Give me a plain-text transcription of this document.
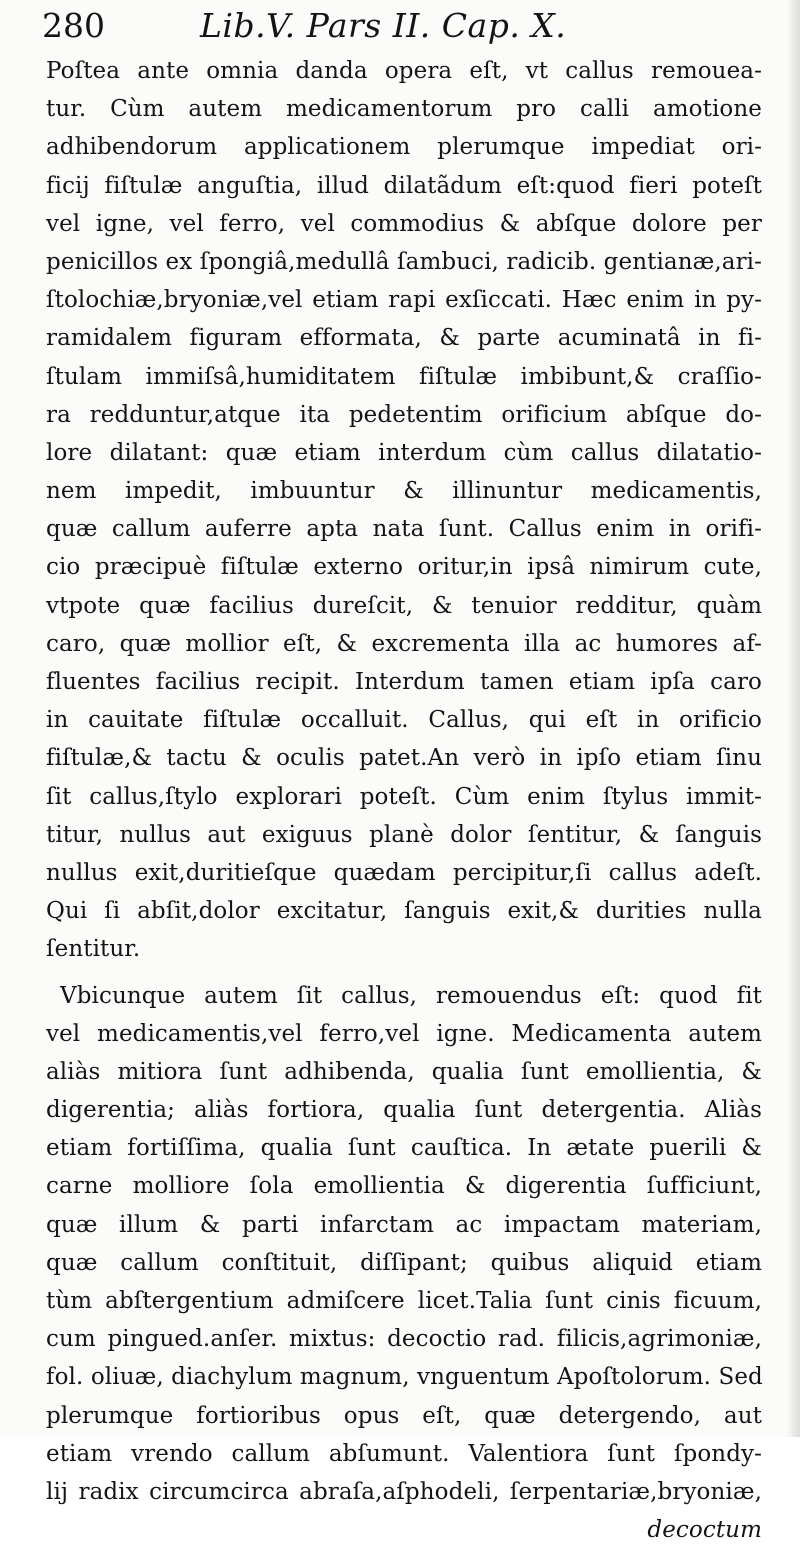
280	Lib.V. Pars II. Cap. X.
Poſtea ante omnia danda opera eſt, vt callus remouea-
tur. Cùm autem medicamentorum pro calli amotione
adhibendorum applicationem plerumque impediat ori-
ficij fiſtulæ anguſtia, illud dilatãdum eſt:quod fieri poteſt
vel igne, vel ferro, vel commodius & abſque dolore per
penicillos ex ſpongiâ,medullâ ſambuci, radicib. gentianæ,ari-
ſtolochiæ,bryoniæ,vel etiam rapi exſiccati. Hæc enim in py-
ramidalem figuram efformata, & parte acuminatâ in fi-
ſtulam immiſsâ,humiditatem fiſtulæ imbibunt,& craſſio-
ra redduntur,atque ita pedetentim orificium abſque do-
lore dilatant: quæ etiam interdum cùm callus dilatatio-
nem impedit, imbuuntur & illinuntur medicamentis,
quæ callum auferre apta nata ſunt. Callus enim in orifi-
cio præcipuè fiſtulæ externo oritur,in ipsâ nimirum cute,
vtpote quæ facilius dureſcit, & tenuior redditur, quàm
caro, quæ mollior eſt, & excrementa illa ac humores af-
fluentes facilius recipit. Interdum tamen etiam ipſa caro
in cauitate fiſtulæ occalluit. Callus, qui eſt in orificio
fiſtulæ,& tactu & oculis patet.An verò in ipſo etiam ſinu
ſit callus,ſtylo explorari poteſt. Cùm enim ſtylus immit-
titur, nullus aut exiguus planè dolor ſentitur, & ſanguis
nullus exit,duritieſque quædam percipitur,ſi callus adeſt.
Qui ſi abſit,dolor excitatur, ſanguis exit,& durities nulla
ſentitur.
Vbicunque autem ſit callus, remouendus eſt: quod fit
vel medicamentis,vel ferro,vel igne. Medicamenta autem
aliàs mitiora ſunt adhibenda, qualia ſunt emollientia, &
digerentia; aliàs fortiora, qualia ſunt detergentia. Aliàs
etiam fortiſſima, qualia ſunt cauſtica. In ætate puerili &
carne molliore ſola emollientia & digerentia ſufficiunt,
quæ illum & parti infarctam ac impactam materiam,
quæ callum conſtituit, diſſipant; quibus aliquid etiam
tùm abſtergentium admiſcere licet.Talia ſunt cinis ficuum,
cum pingued.anſer. mixtus: decoctio rad. filicis,agrimoniæ,
fol. oliuæ, diachylum magnum, vnguentum Apoſtolorum. Sed
plerumque fortioribus opus eſt, quæ detergendo, aut
etiam vrendo callum abſumunt. Valentiora ſunt ſpondy-
lij radix circumcirca abraſa,aſphodeli, ſerpentariæ,bryoniæ,
decoctum
